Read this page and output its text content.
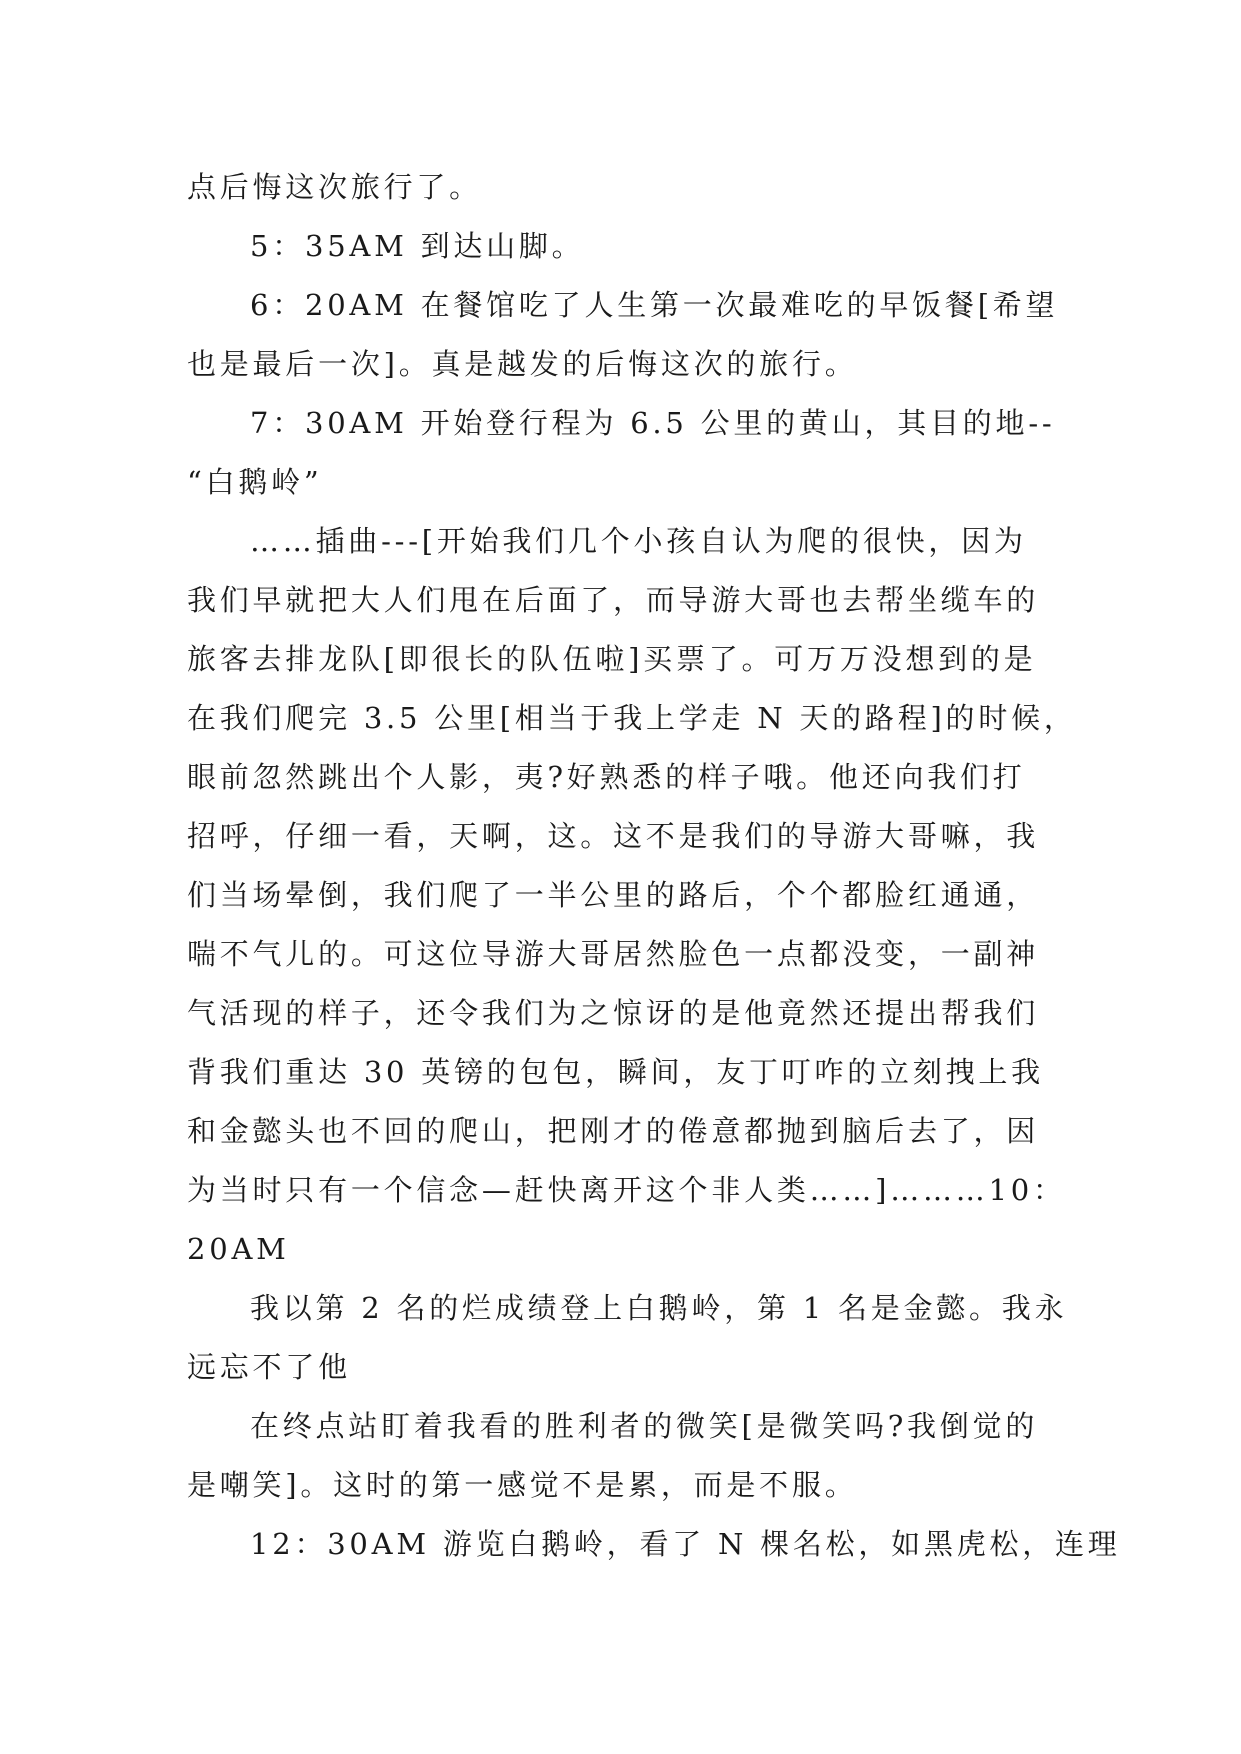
点后悔这次旅行了。
5：35AM 到达山脚。
6：20AM 在餐馆吃了人生第一次最难吃的早饭餐[希望
也是最后一次]。真是越发的后悔这次的旅行。
7：30AM 开始登行程为 6.5 公里的黄山，其目的地--
“白鹅岭”
……插曲---[开始我们几个小孩自认为爬的很快，因为
我们早就把大人们甩在后面了，而导游大哥也去帮坐缆车的
旅客去排龙队[即很长的队伍啦]买票了。可万万没想到的是
在我们爬完 3.5 公里[相当于我上学走 N 天的路程]的时候，
眼前忽然跳出个人影，夷?好熟悉的样子哦。他还向我们打
招呼，仔细一看，天啊，这。这不是我们的导游大哥嘛，我
们当场晕倒，我们爬了一半公里的路后，个个都脸红通通，
喘不气儿的。可这位导游大哥居然脸色一点都没变，一副神
气活现的样子，还令我们为之惊讶的是他竟然还提出帮我们
背我们重达 30 英镑的包包，瞬间，友丁叮咋的立刻拽上我
和金懿头也不回的爬山，把刚才的倦意都抛到脑后去了，因
为当时只有一个信念—赶快离开这个非人类……]………10：
20AM
我以第 2 名的烂成绩登上白鹅岭，第 1 名是金懿。我永
远忘不了他
在终点站盯着我看的胜利者的微笑[是微笑吗?我倒觉的
是嘲笑]。这时的第一感觉不是累，而是不服。
12：30AM 游览白鹅岭，看了 N 棵名松，如黑虎松，连理
